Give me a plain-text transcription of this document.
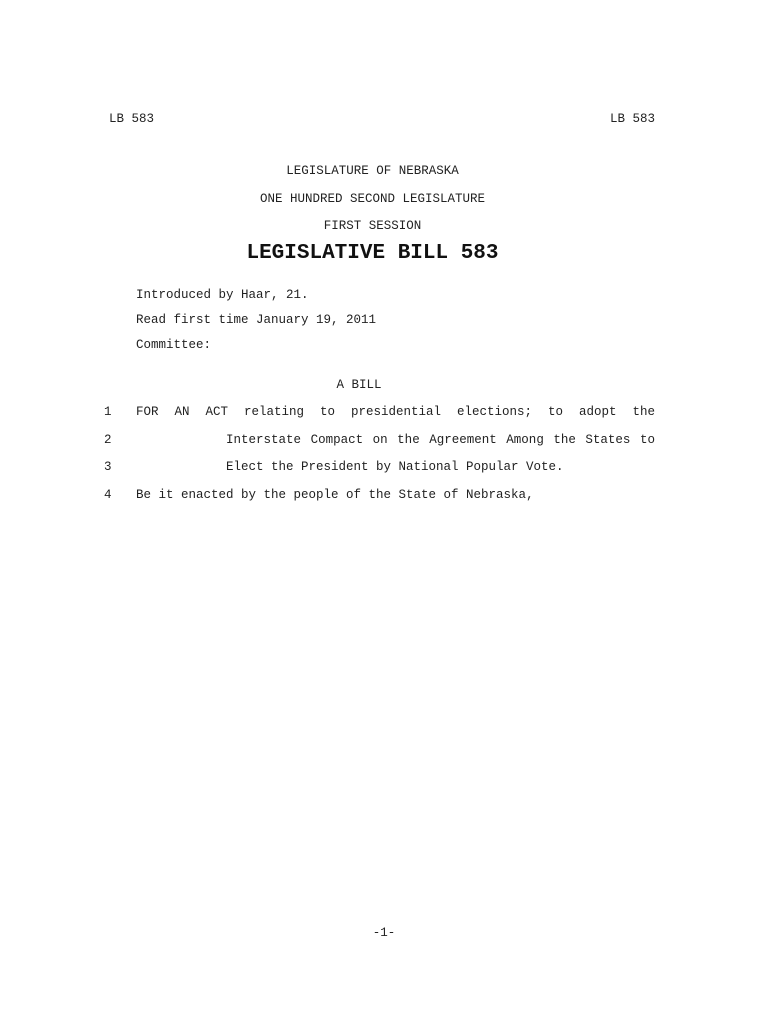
LB 583	LB 583
LEGISLATURE OF NEBRASKA
ONE HUNDRED SECOND LEGISLATURE
FIRST SESSION
LEGISLATIVE BILL 583
Introduced by Haar, 21.
Read first time January 19, 2011
Committee:
A BILL
1 FOR AN ACT relating to presidential elections; to adopt the
2	Interstate Compact on the Agreement Among the States to
3	Elect the President by National Popular Vote.
4 Be it enacted by the people of the State of Nebraska,
-1-
